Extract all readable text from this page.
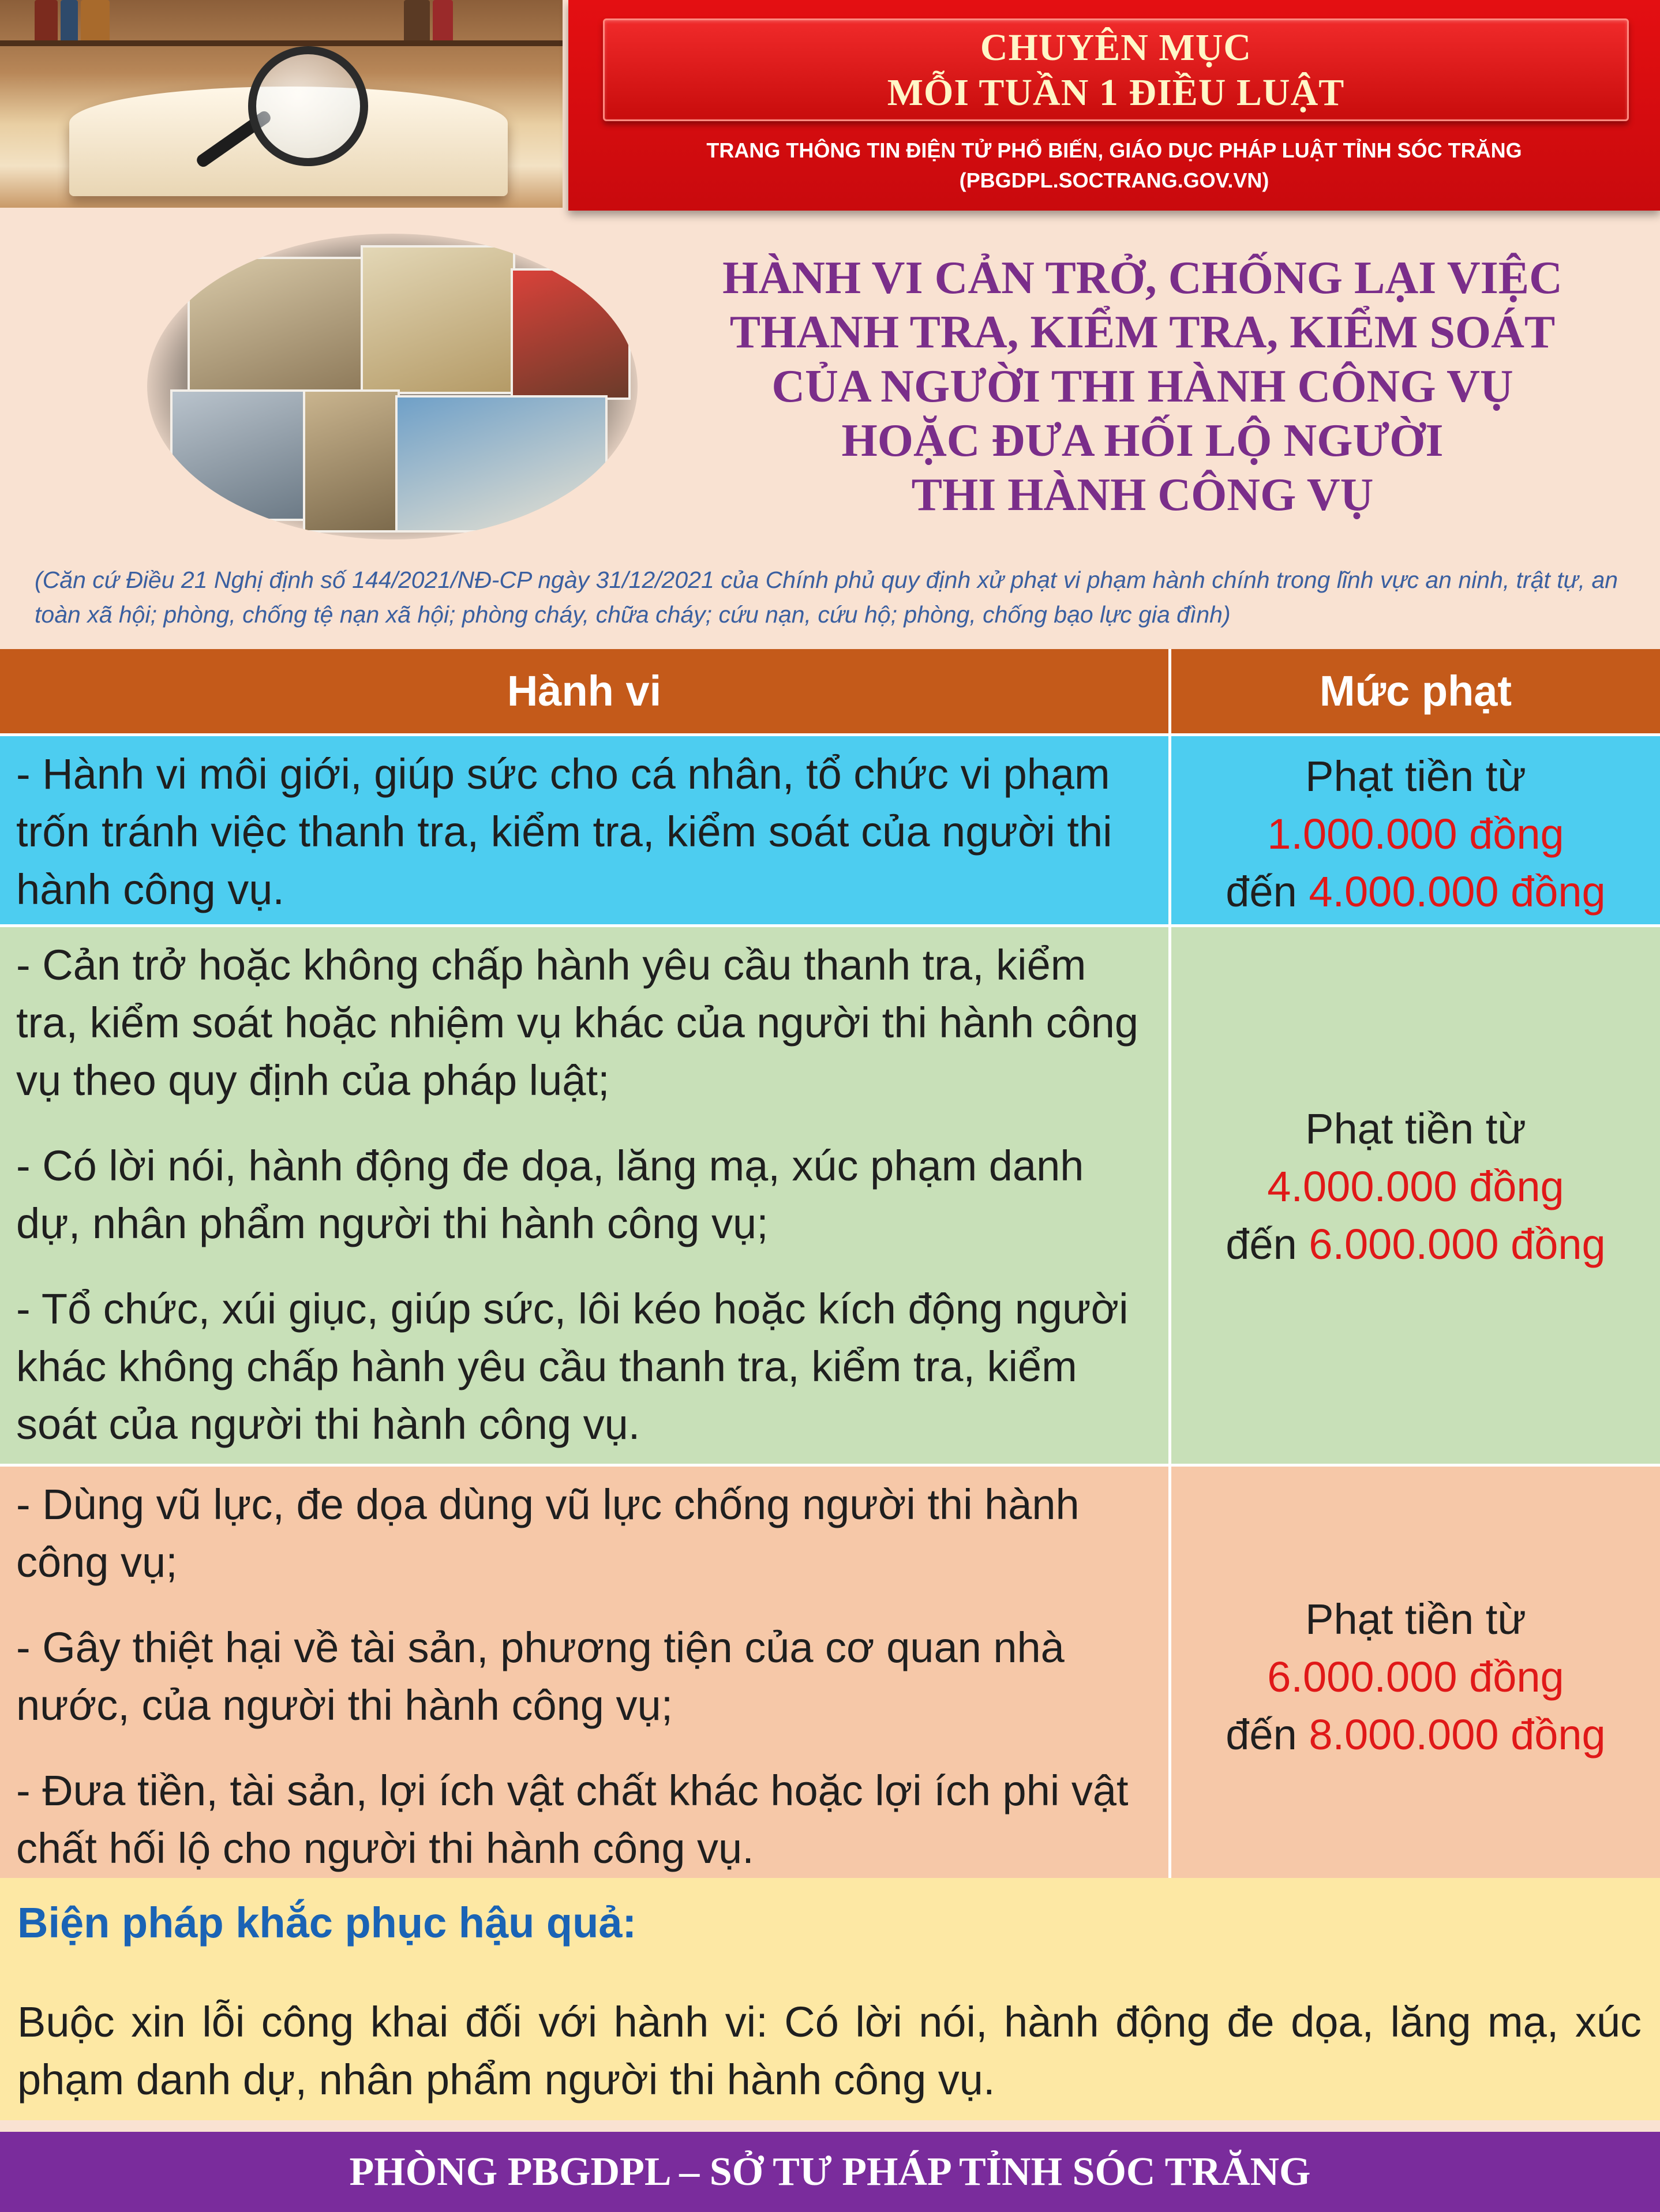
CHUYÊN MỤC
MỖI TUẦN 1 ĐIỀU LUẬT
TRANG THÔNG TIN ĐIỆN TỬ PHỔ BIẾN, GIÁO DỤC PHÁP LUẬT TỈNH SÓC TRĂNG
(PBGDPL.SOCTRANG.GOV.VN)
HÀNH VI CẢN TRỞ, CHỐNG LẠI VIỆC
THANH TRA, KIỂM TRA, KIỂM SOÁT
CỦA NGƯỜI THI HÀNH CÔNG VỤ
HOẶC ĐƯA HỐI LỘ NGƯỜI
THI HÀNH CÔNG VỤ
(Căn cứ Điều 21 Nghị định số 144/2021/NĐ-CP ngày 31/12/2021 của Chính phủ quy định xử phạt vi phạm hành chính trong lĩnh vực an ninh, trật tự, an toàn xã hội; phòng, chống tệ nạn xã hội; phòng cháy, chữa cháy; cứu nạn, cứu hộ; phòng, chống bạo lực gia đình)
Hành vi	Mức phạt

- Hành vi môi giới, giúp sức cho cá nhân, tổ chức vi phạm trốn tránh việc thanh tra, kiểm tra, kiểm soát của người thi hành công vụ.

Phạt tiền từ
1.000.000 đồng
đến 4.000.000 đồng

- Cản trở hoặc không chấp hành yêu cầu thanh tra, kiểm tra, kiểm soát hoặc nhiệm vụ khác của người thi hành công vụ theo quy định của pháp luật;

- Có lời nói, hành động đe dọa, lăng mạ, xúc phạm danh dự, nhân phẩm người thi hành công vụ;

- Tổ chức, xúi giục, giúp sức, lôi kéo hoặc kích động người khác không chấp hành yêu cầu thanh tra, kiểm tra, kiểm soát của người thi hành công vụ.

Phạt tiền từ
4.000.000 đồng
đến 6.000.000 đồng

- Dùng vũ lực, đe dọa dùng vũ lực chống người thi hành công vụ;

- Gây thiệt hại về tài sản, phương tiện của cơ quan nhà nước, của người thi hành công vụ;

- Đưa tiền, tài sản, lợi ích vật chất khác hoặc lợi ích phi vật chất hối lộ cho người thi hành công vụ.

Phạt tiền từ
6.000.000 đồng
đến 8.000.000 đồng
Biện pháp khắc phục hậu quả:
Buộc xin lỗi công khai đối với hành vi: Có lời nói, hành động đe dọa, lăng mạ, xúc phạm danh dự, nhân phẩm người thi hành công vụ.
PHÒNG PBGDPL – SỞ TƯ PHÁP TỈNH SÓC TRĂNG
